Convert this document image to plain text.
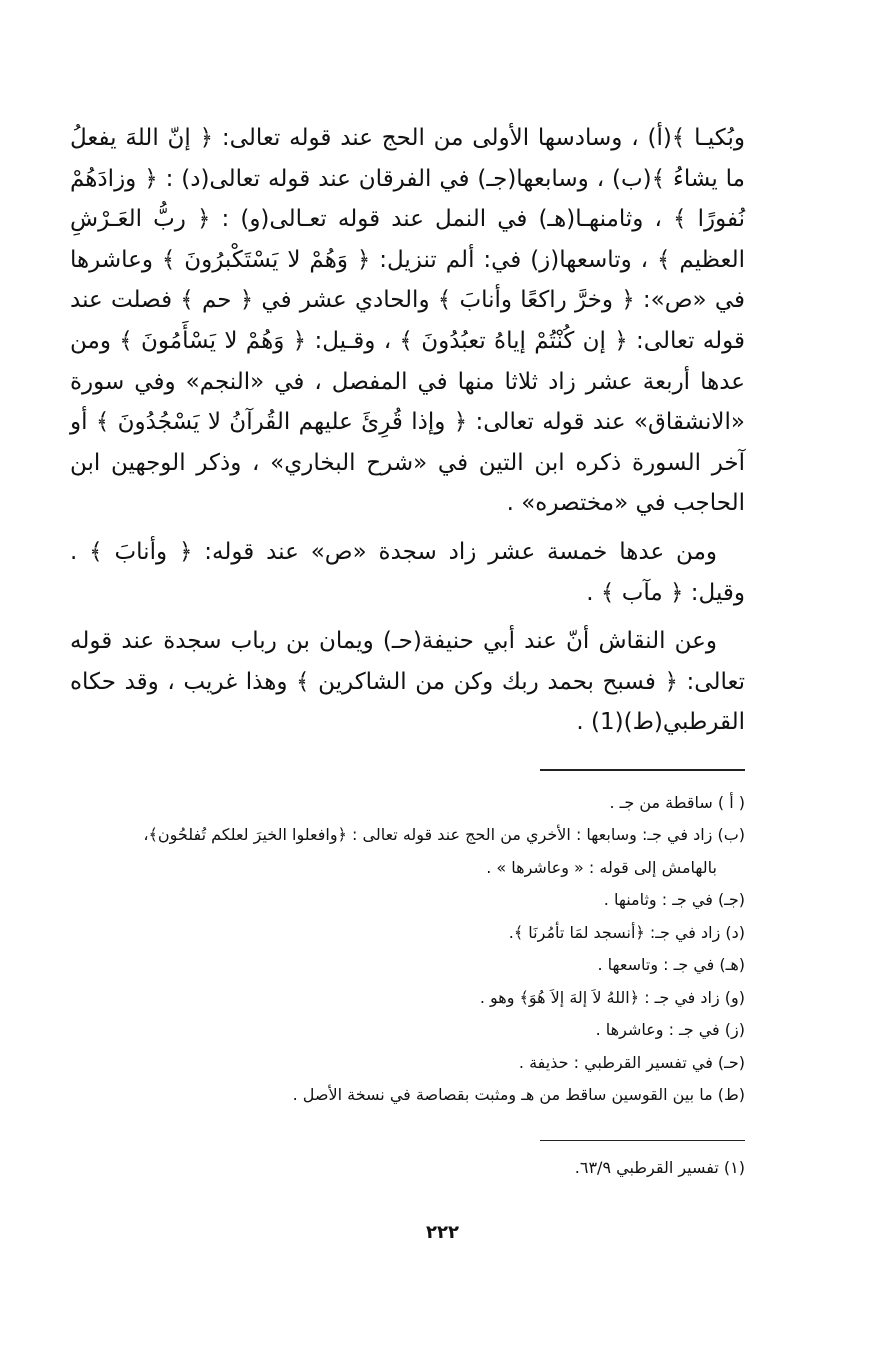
وبُكيـا ﴾(أ) ، وسادسها الأولى من الحج عند قوله تعالى: ﴿ إنّ اللهَ يفعلُ ما يشاءُ ﴾(ب) ، وسابعها(جـ) في الفرقان عند قوله تعالى(د) : ﴿ وزادَهُمْ نُفورًا ﴾ ، وثامنهـا(هـ) في النمل عند قوله تعـالى(و) : ﴿ ربُّ العَـرْشِ العظيم ﴾ ، وتاسعها(ز) في: ألم تنزيل: ﴿ وَهُمْ لا يَسْتَكْبرُونَ ﴾ وعاشرها في «ص»: ﴿ وخرَّ راكعًا وأنابَ ﴾ والحادي عشر في ﴿ حم ﴾ فصلت عند قوله تعالى: ﴿ إن كُنْتُمْ إياهُ تعبُدُونَ ﴾ ، وقـيل: ﴿ وَهُمْ لا يَسْأَمُونَ ﴾ ومن عدها أربعة عشر زاد ثلاثا منها في المفصل ، في «النجم» وفي سورة «الانشقاق» عند قوله تعالى: ﴿ وإذا قُرِئَ عليهم القُرآنُ لا يَسْجُدُونَ ﴾ أو آخر السورة ذكره ابن التين في «شرح البخاري» ، وذكر الوجهين ابن الحاجب في «مختصره» .

ومن عدها خمسة عشر زاد سجدة «ص» عند قوله: ﴿ وأنابَ ﴾ . وقيل: ﴿ مآب ﴾ .

وعن النقاش أنّ عند أبي حنيفة(حـ) ويمان بن رباب سجدة عند قوله تعالى: ﴿ فسبح بحمد ربك وكن من الشاكرين ﴾ وهذا غريب ، وقد حكاه القرطبي(ط)(1) .

( أ ) ساقطة من جـ .

(ب) زاد في جـ: وسابعها : الأخري من الحج عند قوله تعالى : ﴿وافعلوا الخيرَ لعلكم تُفلحُون﴾،

بالهامش إلى قوله : « وعاشرها » .

(جـ) في جـ : وثامنها .

(د) زاد في جـ: ﴿أنسجد لمَا تأمُرنَا ﴾.

(هـ) في جـ : وتاسعها .

(و) زاد في جـ : ﴿اللهُ لاَ إلهَ إلاَ هُوَ﴾ وهو .

(ز) في جـ : وعاشرها .

(حـ) في تفسير القرطبي : حذيفة .

(ط) ما بين القوسين ساقط من هـ ومثبت بقصاصة في نسخة الأصل .

(١) تفسير القرطبي ٦٣/٩.

٢٢٢
